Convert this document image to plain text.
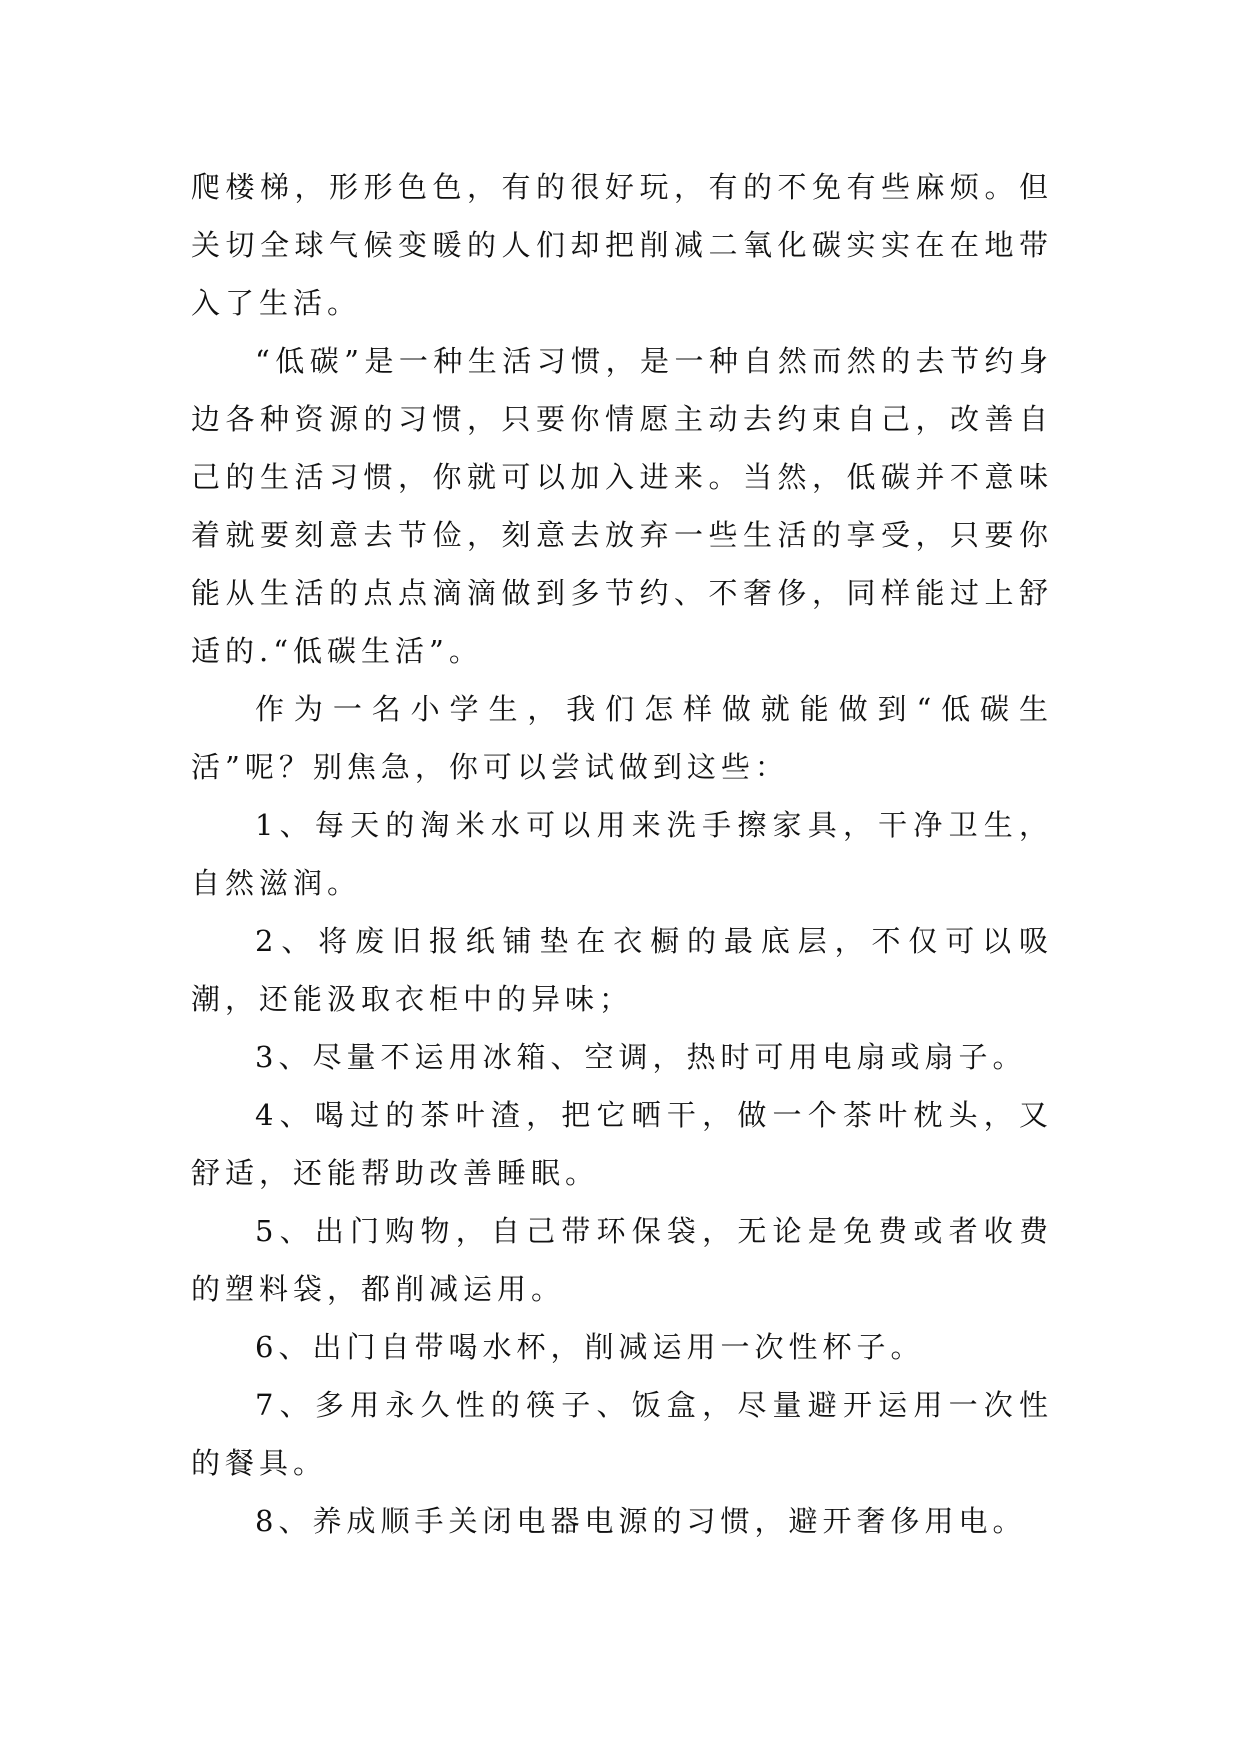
爬楼梯，形形色色，有的很好玩，有的不免有些麻烦。但关切全球气候变暖的人们却把削减二氧化碳实实在在地带入了生活。

“低碳”是一种生活习惯，是一种自然而然的去节约身边各种资源的习惯，只要你情愿主动去约束自己，改善自己的生活习惯，你就可以加入进来。当然，低碳并不意味着就要刻意去节俭，刻意去放弃一些生活的享受，只要你能从生活的点点滴滴做到多节约、不奢侈，同样能过上舒适的.“低碳生活”。

作为一名小学生，我们怎样做就能做到“低碳生活”呢？别焦急，你可以尝试做到这些：

1、每天的淘米水可以用来洗手擦家具，干净卫生，自然滋润。

2、将废旧报纸铺垫在衣橱的最底层，不仅可以吸潮，还能汲取衣柜中的异味；

3、尽量不运用冰箱、空调，热时可用电扇或扇子。

4、喝过的茶叶渣，把它晒干，做一个茶叶枕头，又舒适，还能帮助改善睡眠。

5、出门购物，自己带环保袋，无论是免费或者收费的塑料袋，都削减运用。

6、出门自带喝水杯，削减运用一次性杯子。

7、多用永久性的筷子、饭盒，尽量避开运用一次性的餐具。

8、养成顺手关闭电器电源的习惯，避开奢侈用电。
